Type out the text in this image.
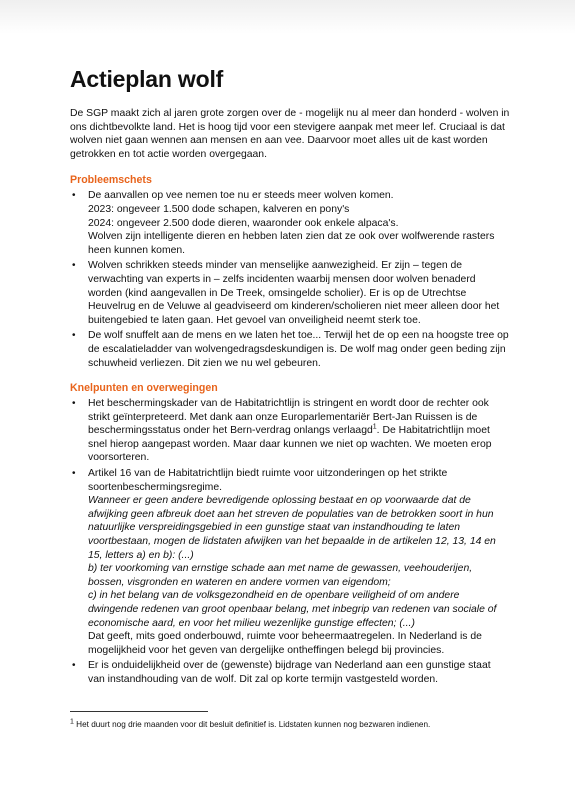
Actieplan wolf

De SGP maakt zich al jaren grote zorgen over de - mogelijk nu al meer dan honderd - wolven in ons dichtbevolkte land. Het is hoog tijd voor een stevigere aanpak met meer lef. Cruciaal is dat wolven niet gaan wennen aan mensen en aan vee. Daarvoor moet alles uit de kast worden getrokken en tot actie worden overgegaan.

Probleemschets
• De aanvallen op vee nemen toe nu er steeds meer wolven komen.
2023: ongeveer 1.500 dode schapen, kalveren en pony's
2024: ongeveer 2.500 dode dieren, waaronder ook enkele alpaca's.
Wolven zijn intelligente dieren en hebben laten zien dat ze ook over wolfwerende rasters heen kunnen komen.
• Wolven schrikken steeds minder van menselijke aanwezigheid. Er zijn – tegen de verwachting van experts in – zelfs incidenten waarbij mensen door wolven benaderd worden (kind aangevallen in De Treek, omsingelde scholier). Er is op de Utrechtse Heuvelrug en de Veluwe al geadviseerd om kinderen/scholieren niet meer alleen door het buitengebied te laten gaan. Het gevoel van onveiligheid neemt sterk toe.
• De wolf snuffelt aan de mens en we laten het toe... Terwijl het de op een na hoogste tree op de escalatieladder van wolvengedragsdeskundigen is. De wolf mag onder geen beding zijn schuwheid verliezen. Dit zien we nu wel gebeuren.
Knelpunten en overwegingen
• Het beschermingskader van de Habitatrichtlijn is stringent en wordt door de rechter ook strikt geïnterpreteerd. Met dank aan onze Europarlementariër Bert-Jan Ruissen is de beschermingsstatus onder het Bern-verdrag onlangs verlaagd$^1$. De Habitatrichtlijn moet snel hierop aangepast worden. Maar daar kunnen we niet op wachten. We moeten erop voorsorteren.
• Artikel 16 van de Habitatrichtlijn biedt ruimte voor uitzonderingen op het strikte soortenbeschermingsregime.
Wanneer er geen andere bevredigende oplossing bestaat en op voorwaarde dat de afwijking geen afbreuk doet aan het streven de populaties van de betrokken soort in hun natuurlijke verspreidingsgebied in een gunstige staat van instandhouding te laten voortbestaan, mogen de lidstaten afwijken van het bepaalde in de artikelen 12, 13, 14 en 15, letters a) en b): (...)
b) ter voorkoming van ernstige schade aan met name de gewassen, veehouderijen, bossen, visgronden en wateren en andere vormen van eigendom;
c) in het belang van de volksgezondheid en de openbare veiligheid of om andere dwingende redenen van groot openbaar belang, met inbegrip van redenen van sociale of economische aard, en voor het milieu wezenlijke gunstige effecten; (...)
Dat geeft, mits goed onderbouwd, ruimte voor beheermaatregelen. In Nederland is de mogelijkheid voor het geven van dergelijke ontheffingen belegd bij provincies.
• Er is onduidelijkheid over de (gewenste) bijdrage van Nederland aan een gunstige staat van instandhouding van de wolf. Dit zal op korte termijn vastgesteld worden.
$^1$ Het duurt nog drie maanden voor dit besluit definitief is. Lidstaten kunnen nog bezwaren indienen.
